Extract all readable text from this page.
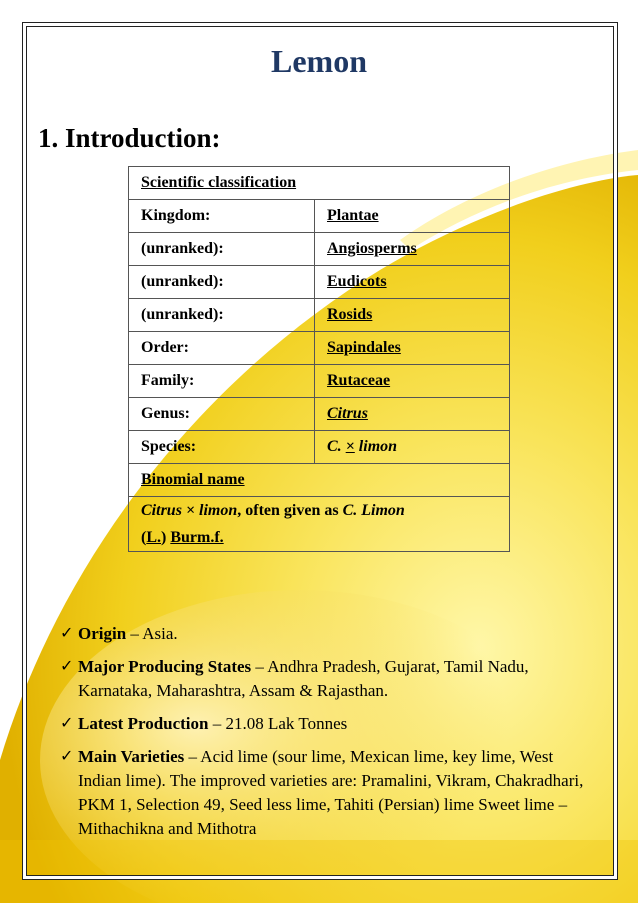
Lemon
1. Introduction:
Scientific classification	
Kingdom:	Plantae
(unranked):	Angiosperms
(unranked):	Eudicots
(unranked):	Rosids
Order:	Sapindales
Family:	Rutaceae
Genus:	Citrus
Species:	C. × limon
Binomial name	
Citrus × limon, often given as C. Limon
(L.) Burm.f.	
✓ Origin – Asia.
✓ Major Producing States – Andhra Pradesh, Gujarat, Tamil Nadu, Karnataka, Maharashtra, Assam & Rajasthan.
✓ Latest Production – 21.08 Lak Tonnes
✓ Main Varieties – Acid lime (sour lime, Mexican lime, key lime, West Indian lime). The improved varieties are: Pramalini, Vikram, Chakradhari, PKM 1, Selection 49, Seed less lime, Tahiti (Persian) lime Sweet lime – Mithachikna and Mithotra
